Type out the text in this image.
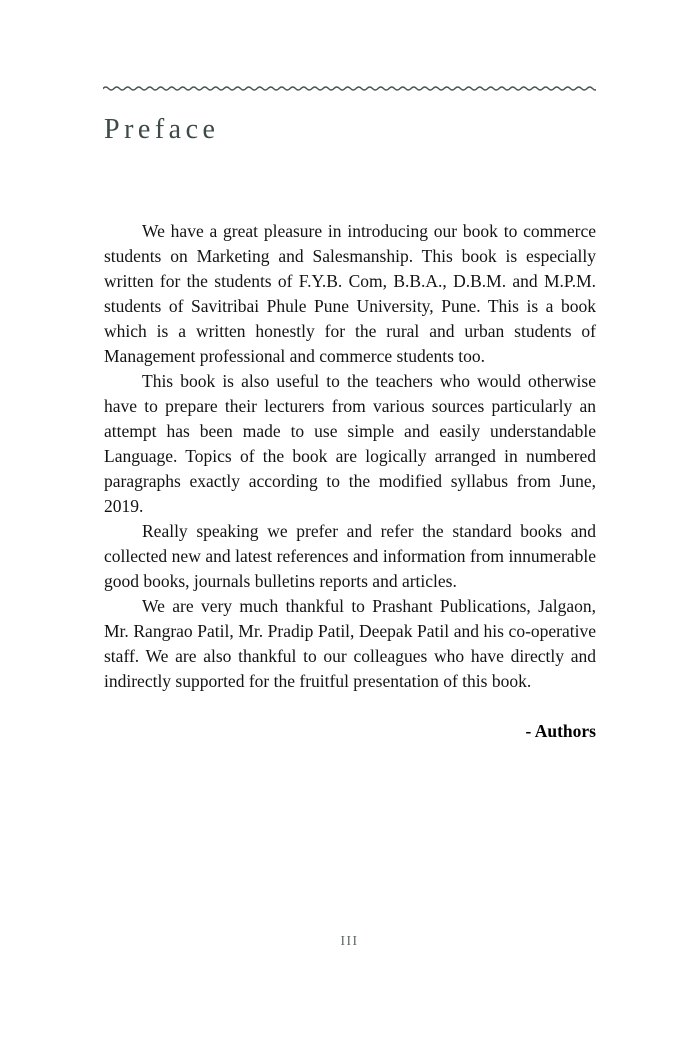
Preface

We have a great pleasure in introducing our book to commerce students on Marketing and Salesmanship. This book is especially written for the students of F.Y.B. Com, B.B.A., D.B.M. and M.P.M. students of Savitribai Phule Pune University, Pune. This is a book which is a written honestly for the rural and urban students of Management professional and commerce students too.

This book is also useful to the teachers who would otherwise have to prepare their lecturers from various sources particularly an attempt has been made to use simple and easily understandable Language. Topics of the book are logically arranged in numbered paragraphs exactly according to the modified syllabus from June, 2019.

Really speaking we prefer and refer the standard books and collected new and latest references and information from innumerable good books, journals bulletins reports and articles.

We are very much thankful to Prashant Publications, Jalgaon, Mr. Rangrao Patil, Mr. Pradip Patil, Deepak Patil and his co-operative staff. We are also thankful to our colleagues who have directly and indirectly supported for the fruitful presentation of this book.

- Authors
III
